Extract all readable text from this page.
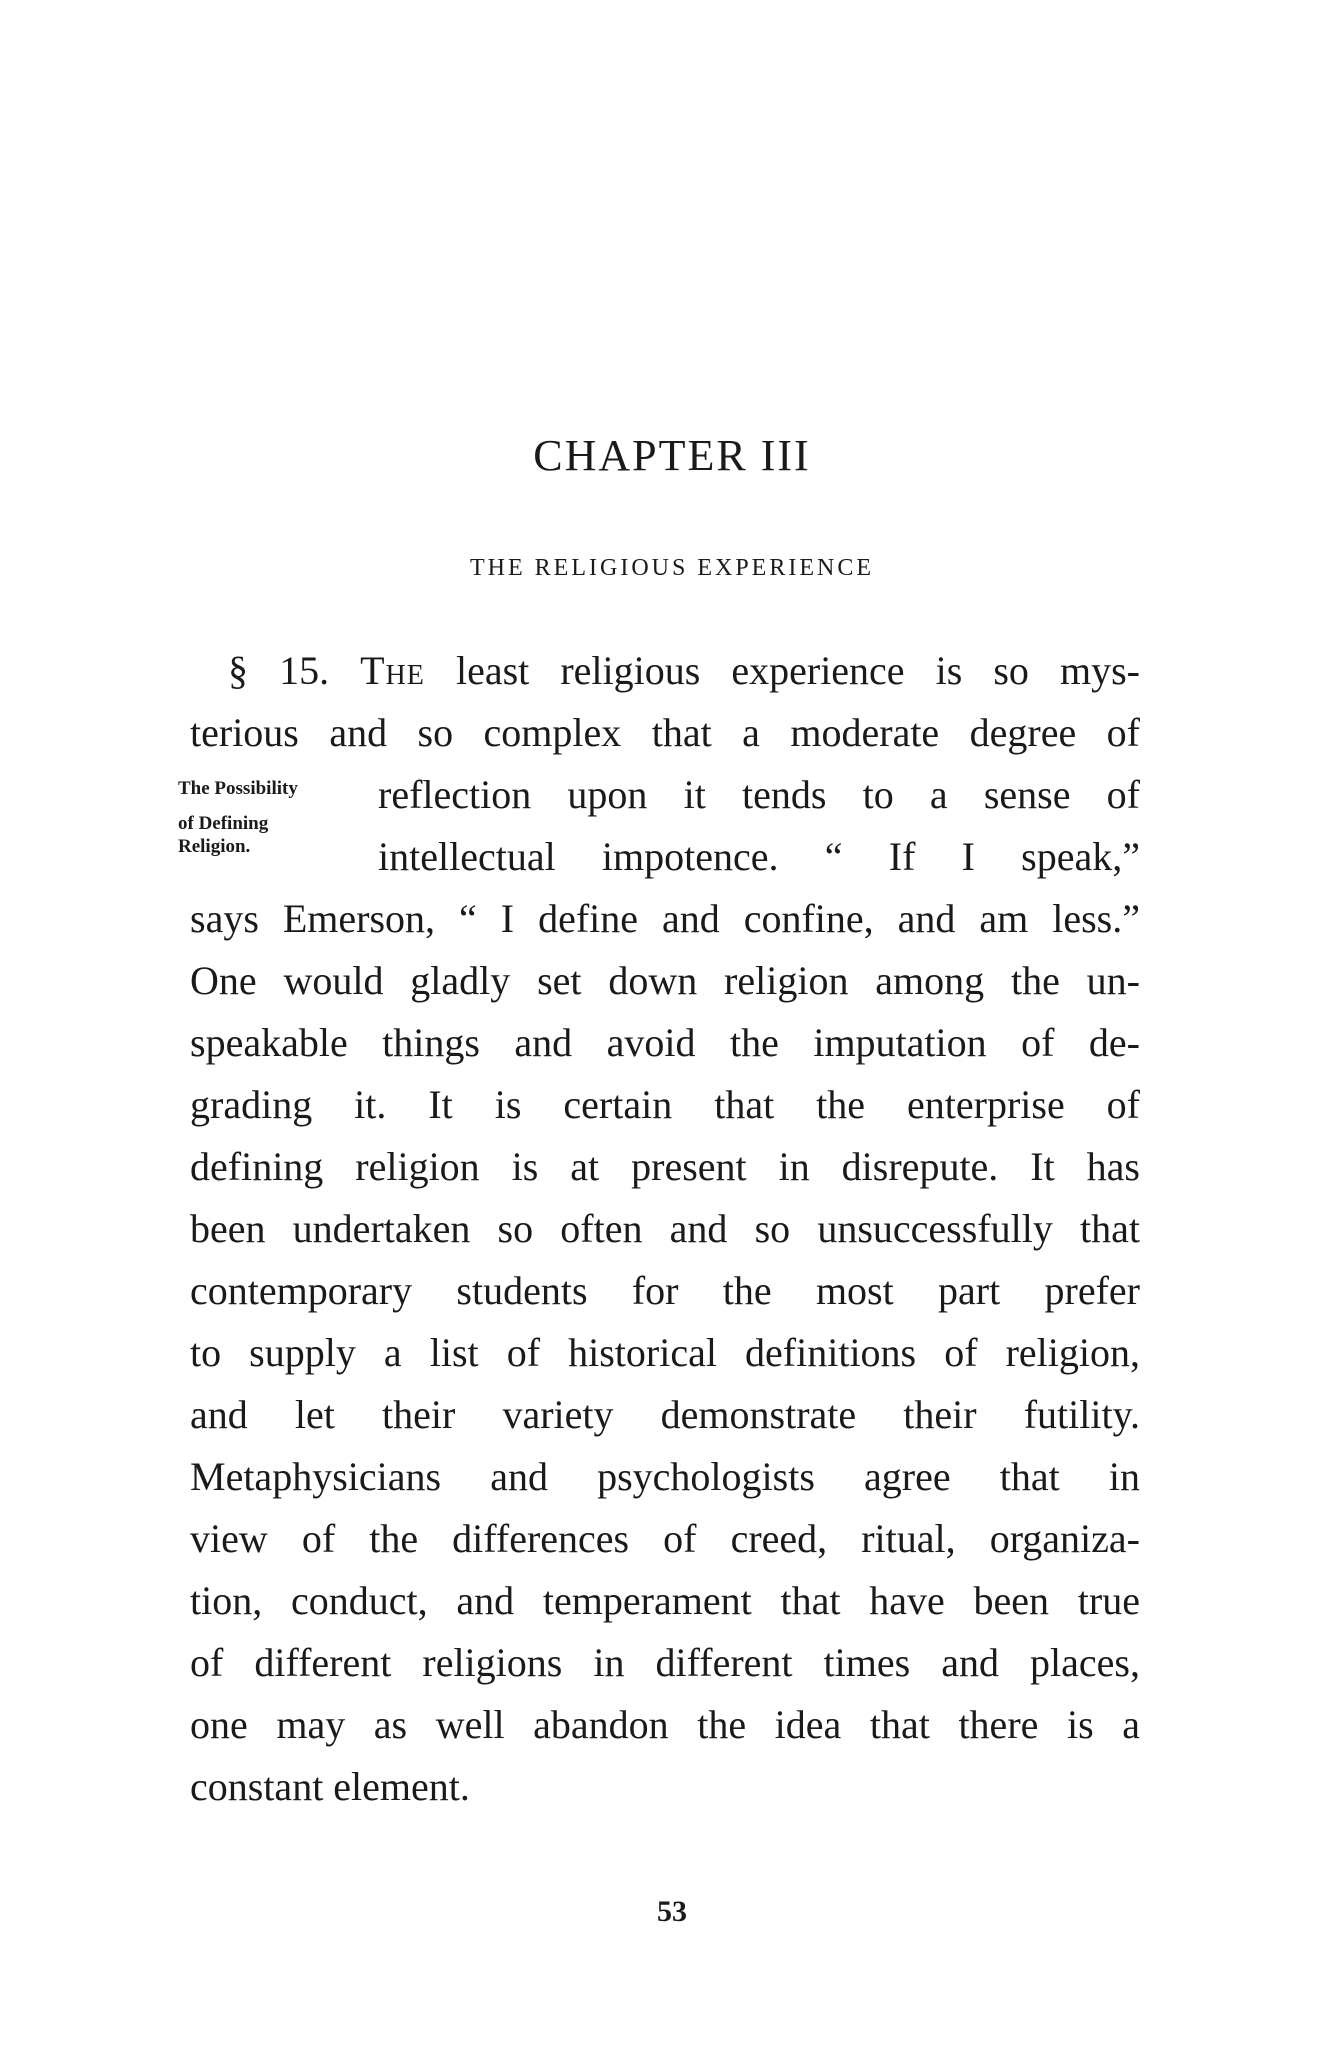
CHAPTER III
THE RELIGIOUS EXPERIENCE
The Possibility
of Defining
Religion.
§ 15. The least religious experience is so mys-
terious and so complex that a moderate degree of
reflection upon it tends to a sense of
intellectual impotence. “ If I speak,”
says Emerson, “ I define and confine, and am less.”
One would gladly set down religion among the un-
speakable things and avoid the imputation of de-
grading it. It is certain that the enterprise of
defining religion is at present in disrepute. It has
been undertaken so often and so unsuccessfully that
contemporary students for the most part prefer
to supply a list of historical definitions of religion,
and let their variety demonstrate their futility.
Metaphysicians and psychologists agree that in
view of the differences of creed, ritual, organiza-
tion, conduct, and temperament that have been true
of different religions in different times and places,
one may as well abandon the idea that there is a
constant element.
53
